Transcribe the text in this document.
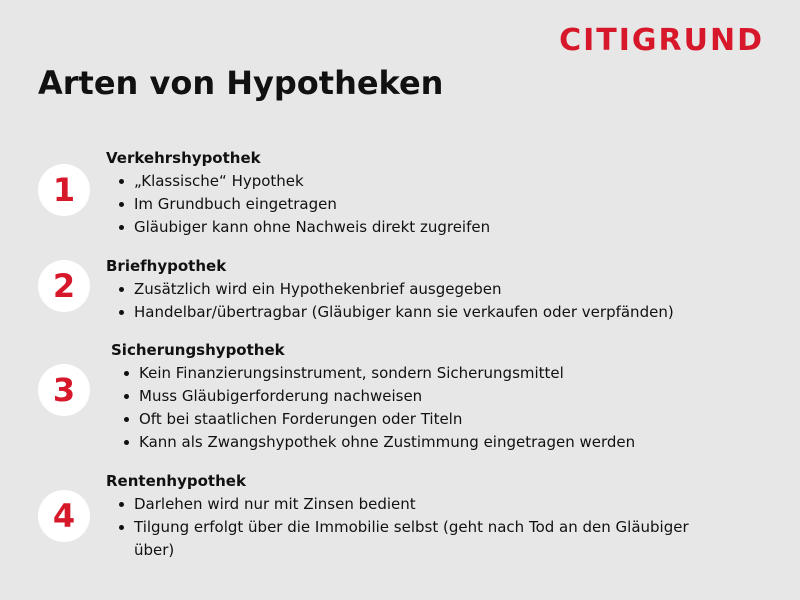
CITIGRUND
Arten von Hypotheken
1
Verkehrshypothek
„Klassische“ Hypothek
Im Grundbuch eingetragen
Gläubiger kann ohne Nachweis direkt zugreifen
2
Briefhypothek
Zusätzlich wird ein Hypothekenbrief ausgegeben
Handelbar/übertragbar (Gläubiger kann sie verkaufen oder verpfänden)
3
Sicherungshypothek
Kein Finanzierungsinstrument, sondern Sicherungsmittel
Muss Gläubigerforderung nachweisen
Oft bei staatlichen Forderungen oder Titeln
Kann als Zwangshypothek ohne Zustimmung eingetragen werden
4
Rentenhypothek
Darlehen wird nur mit Zinsen bedient
Tilgung erfolgt über die Immobilie selbst (geht nach Tod an den Gläubiger über)
